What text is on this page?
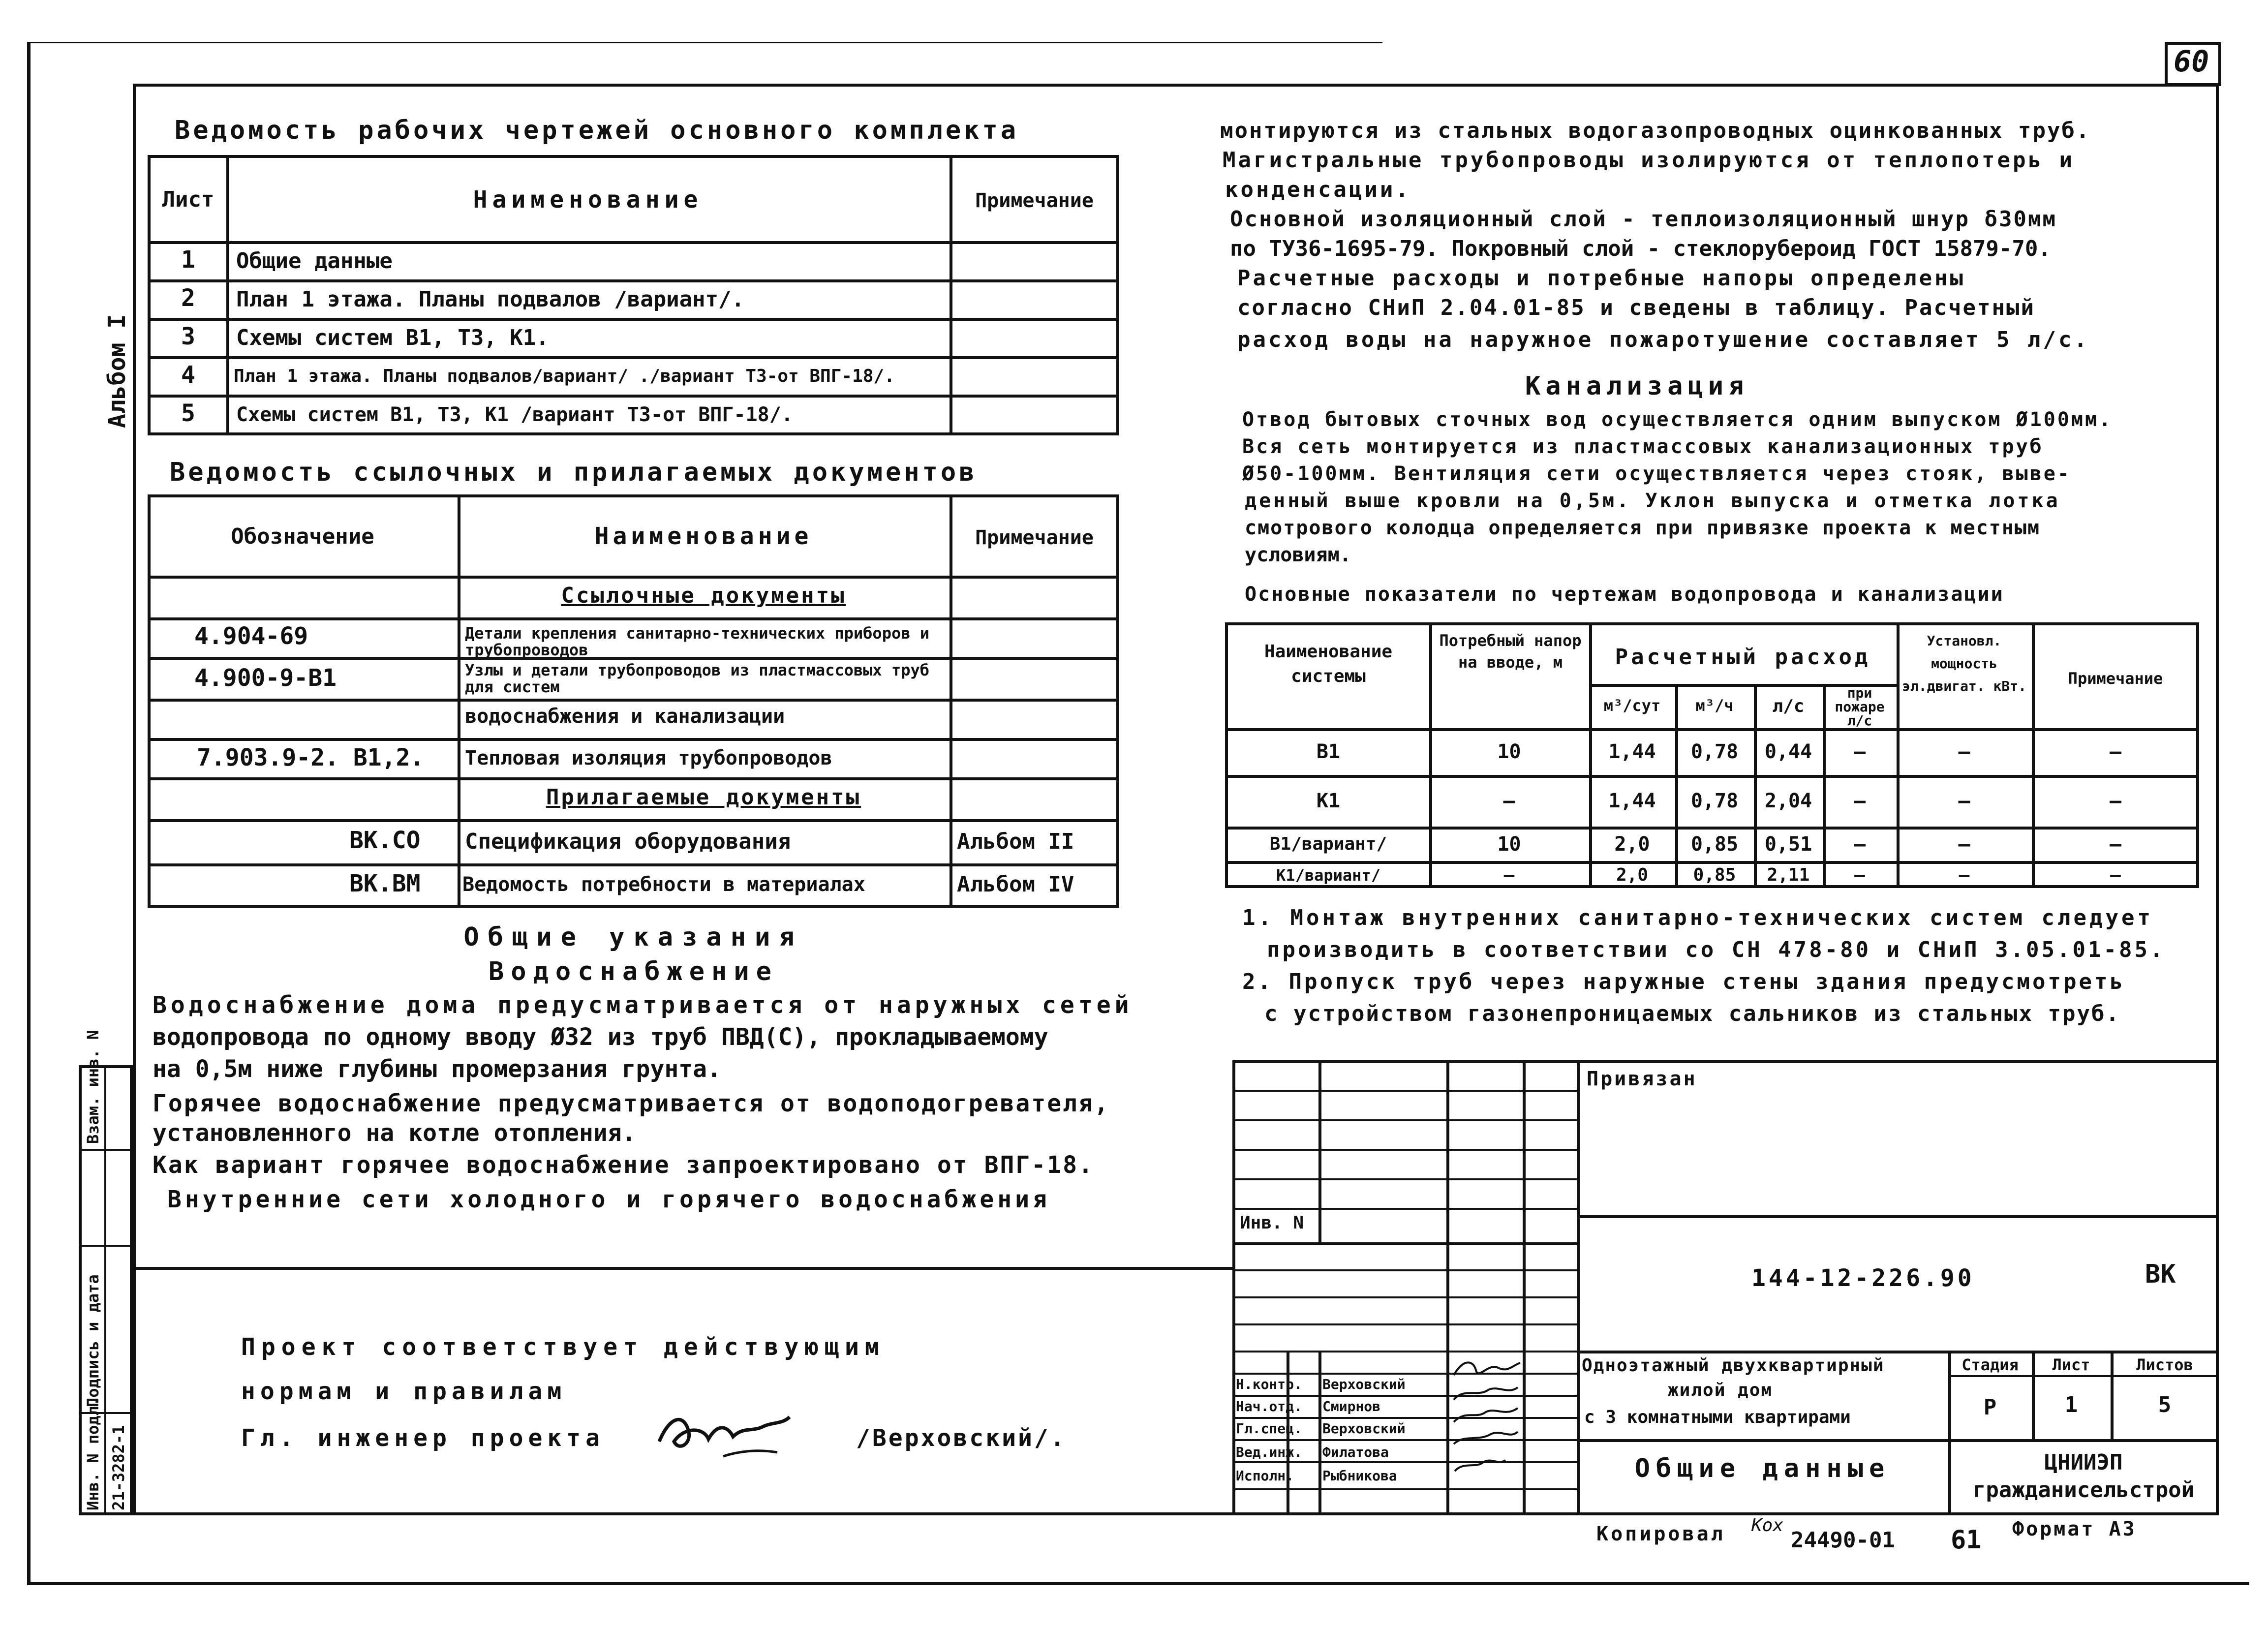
60
Альбом I
Взам. инв. N
Подпись и дата
Инв. N подл. 21-3282-1
Ведомость рабочих чертежей основного комплекта
Лист	Наименование	Примечание
1	Общие данные
2	План 1 этажа. Планы подвалов /вариант/.
3	Схемы систем В1, Т3, К1.
4	План 1 этажа. Планы подвалов/вариант/ ./вариант Т3-от ВПГ-18/.
5	Схемы систем В1, Т3, К1 /вариант Т3-от ВПГ-18/.
Ведомость ссылочных и прилагаемых документов
Обозначение	Наименование	Примечание
Ссылочные документы
4.904-69	Детали крепления санитарно-технических приборов и трубопроводов
4.900-9-В1	Узлы и детали трубопроводов из пластмассовых труб для систем
водоснабжения и канализации
7.903.9-2. В1,2. Тепловая изоляция трубопроводов
Прилагаемые документы
ВК.СО Спецификация оборудования	Альбом II
ВК.ВМ Ведомость потребности в материалах	Альбом IV
Общие указания
Водоснабжение
Водоснабжение дома предусматривается от наружных сетей
водопровода по одному вводу Ø32 из труб ПВД(С), прокладываемому
на 0,5м ниже глубины промерзания грунта.
Горячее водоснабжение предусматривается от водоподогревателя,
установленного на котле отопления.
Как вариант горячее водоснабжение запроектировано от ВПГ-18.
Внутренние сети холодного и горячего водоснабжения
Проект соответствует действующим
нормам и правилам
Гл. инженер проекта	/Верховский/.
монтируются из стальных водогазопроводных оцинкованных труб.
Магистральные трубопроводы изолируются от теплопотерь и
конденсации.
Основной изоляционный слой - теплоизоляционный шнур δ30мм
по ТУ36-1695-79. Покровный слой - стеклорубероид ГОСТ 15879-70.
Расчетные расходы и потребные напоры определены
согласно СНиП 2.04.01-85 и сведены в таблицу. Расчетный
расход воды на наружное пожаротушение составляет 5 л/с.
Канализация
Отвод бытовых сточных вод осуществляется одним выпуском Ø100мм.
Вся сеть монтируется из пластмассовых канализационных труб
Ø50-100мм. Вентиляция сети осуществляется через стояк, выве-
денный выше кровли на 0,5м. Уклон выпуска и отметка лотка
смотрового колодца определяется при привязке проекта к местным
условиям.
Основные показатели по чертежам водопровода и канализации
Наименование системы
Потребный напор на вводе, м	Расчетный расход
м³/сут	м³/ч	л/с
при пожаре л/с
Установл. мощность эл.двигат. кВт.	Примечание
В1	10	1,44	0,78	0,44	—	—	—
К1	—	1,44	0,78	2,04	—	—	—
В1/вариант/	10	2,0	0,85	0,51	—	—	—
К1/вариант/	—	2,0	0,85	2,11	—	—	—
1. Монтаж внутренних санитарно-технических систем следует
производить в соответствии со СН 478-80 и СНиП 3.05.01-85.
2. Пропуск труб через наружные стены здания предусмотреть
с устройством газонепроницаемых сальников из стальных труб.
Привязан
Инв. N
144-12-226.90	ВК
Одноэтажный двухквартирный
жилой дом
с 3 комнатными квартирами
Стадия	Лист	Листов
Р	1	5
Общие данные	ЦНИИЭП гражданисельстрой
Н.контр. Верховский
Нач.отд. Смирнов
Гл.спец. Верховский
Вед.инж. Филатова
Исполн. Рыбникова
Копировал Кох
24490-01 61 Формат А3
